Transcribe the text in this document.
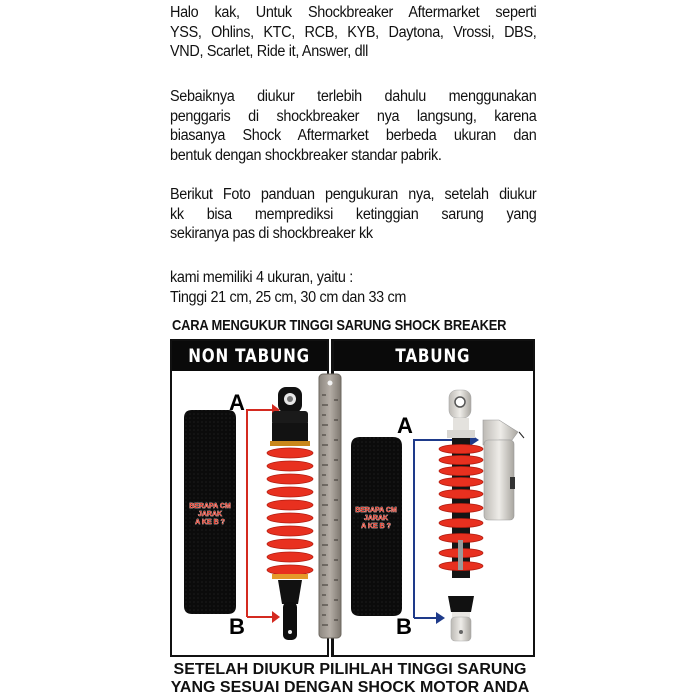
Halo kak, Untuk Shockbreaker Aftermarket seperti
YSS, Ohlins, KTC, RCB, KYB, Daytona, Vrossi, DBS,
VND, Scarlet, Ride it, Answer, dll
Sebaiknya diukur terlebih dahulu menggunakan
penggaris di shockbreaker nya langsung, karena
biasanya Shock Aftermarket berbeda ukuran dan
bentuk dengan shockbreaker standar pabrik.
Berikut Foto panduan pengukuran nya, setelah diukur
kk bisa memprediksi ketinggian sarung yang
sekiranya pas di shockbreaker kk
kami memiliki 4 ukuran, yaitu :
Tinggi 21 cm, 25 cm, 30 cm dan 33 cm
CARA MENGUKUR TINGGI SARUNG SHOCK BREAKER
NON TABUNG	TABUNG
BERAPA CM
JARAK
A KE B ?
A
B
BERAPA CM
JARAK
A KE B ?
A
B
SETELAH DIUKUR PILIHLAH TINGGI SARUNG
YANG SESUAI DENGAN SHOCK MOTOR ANDA
